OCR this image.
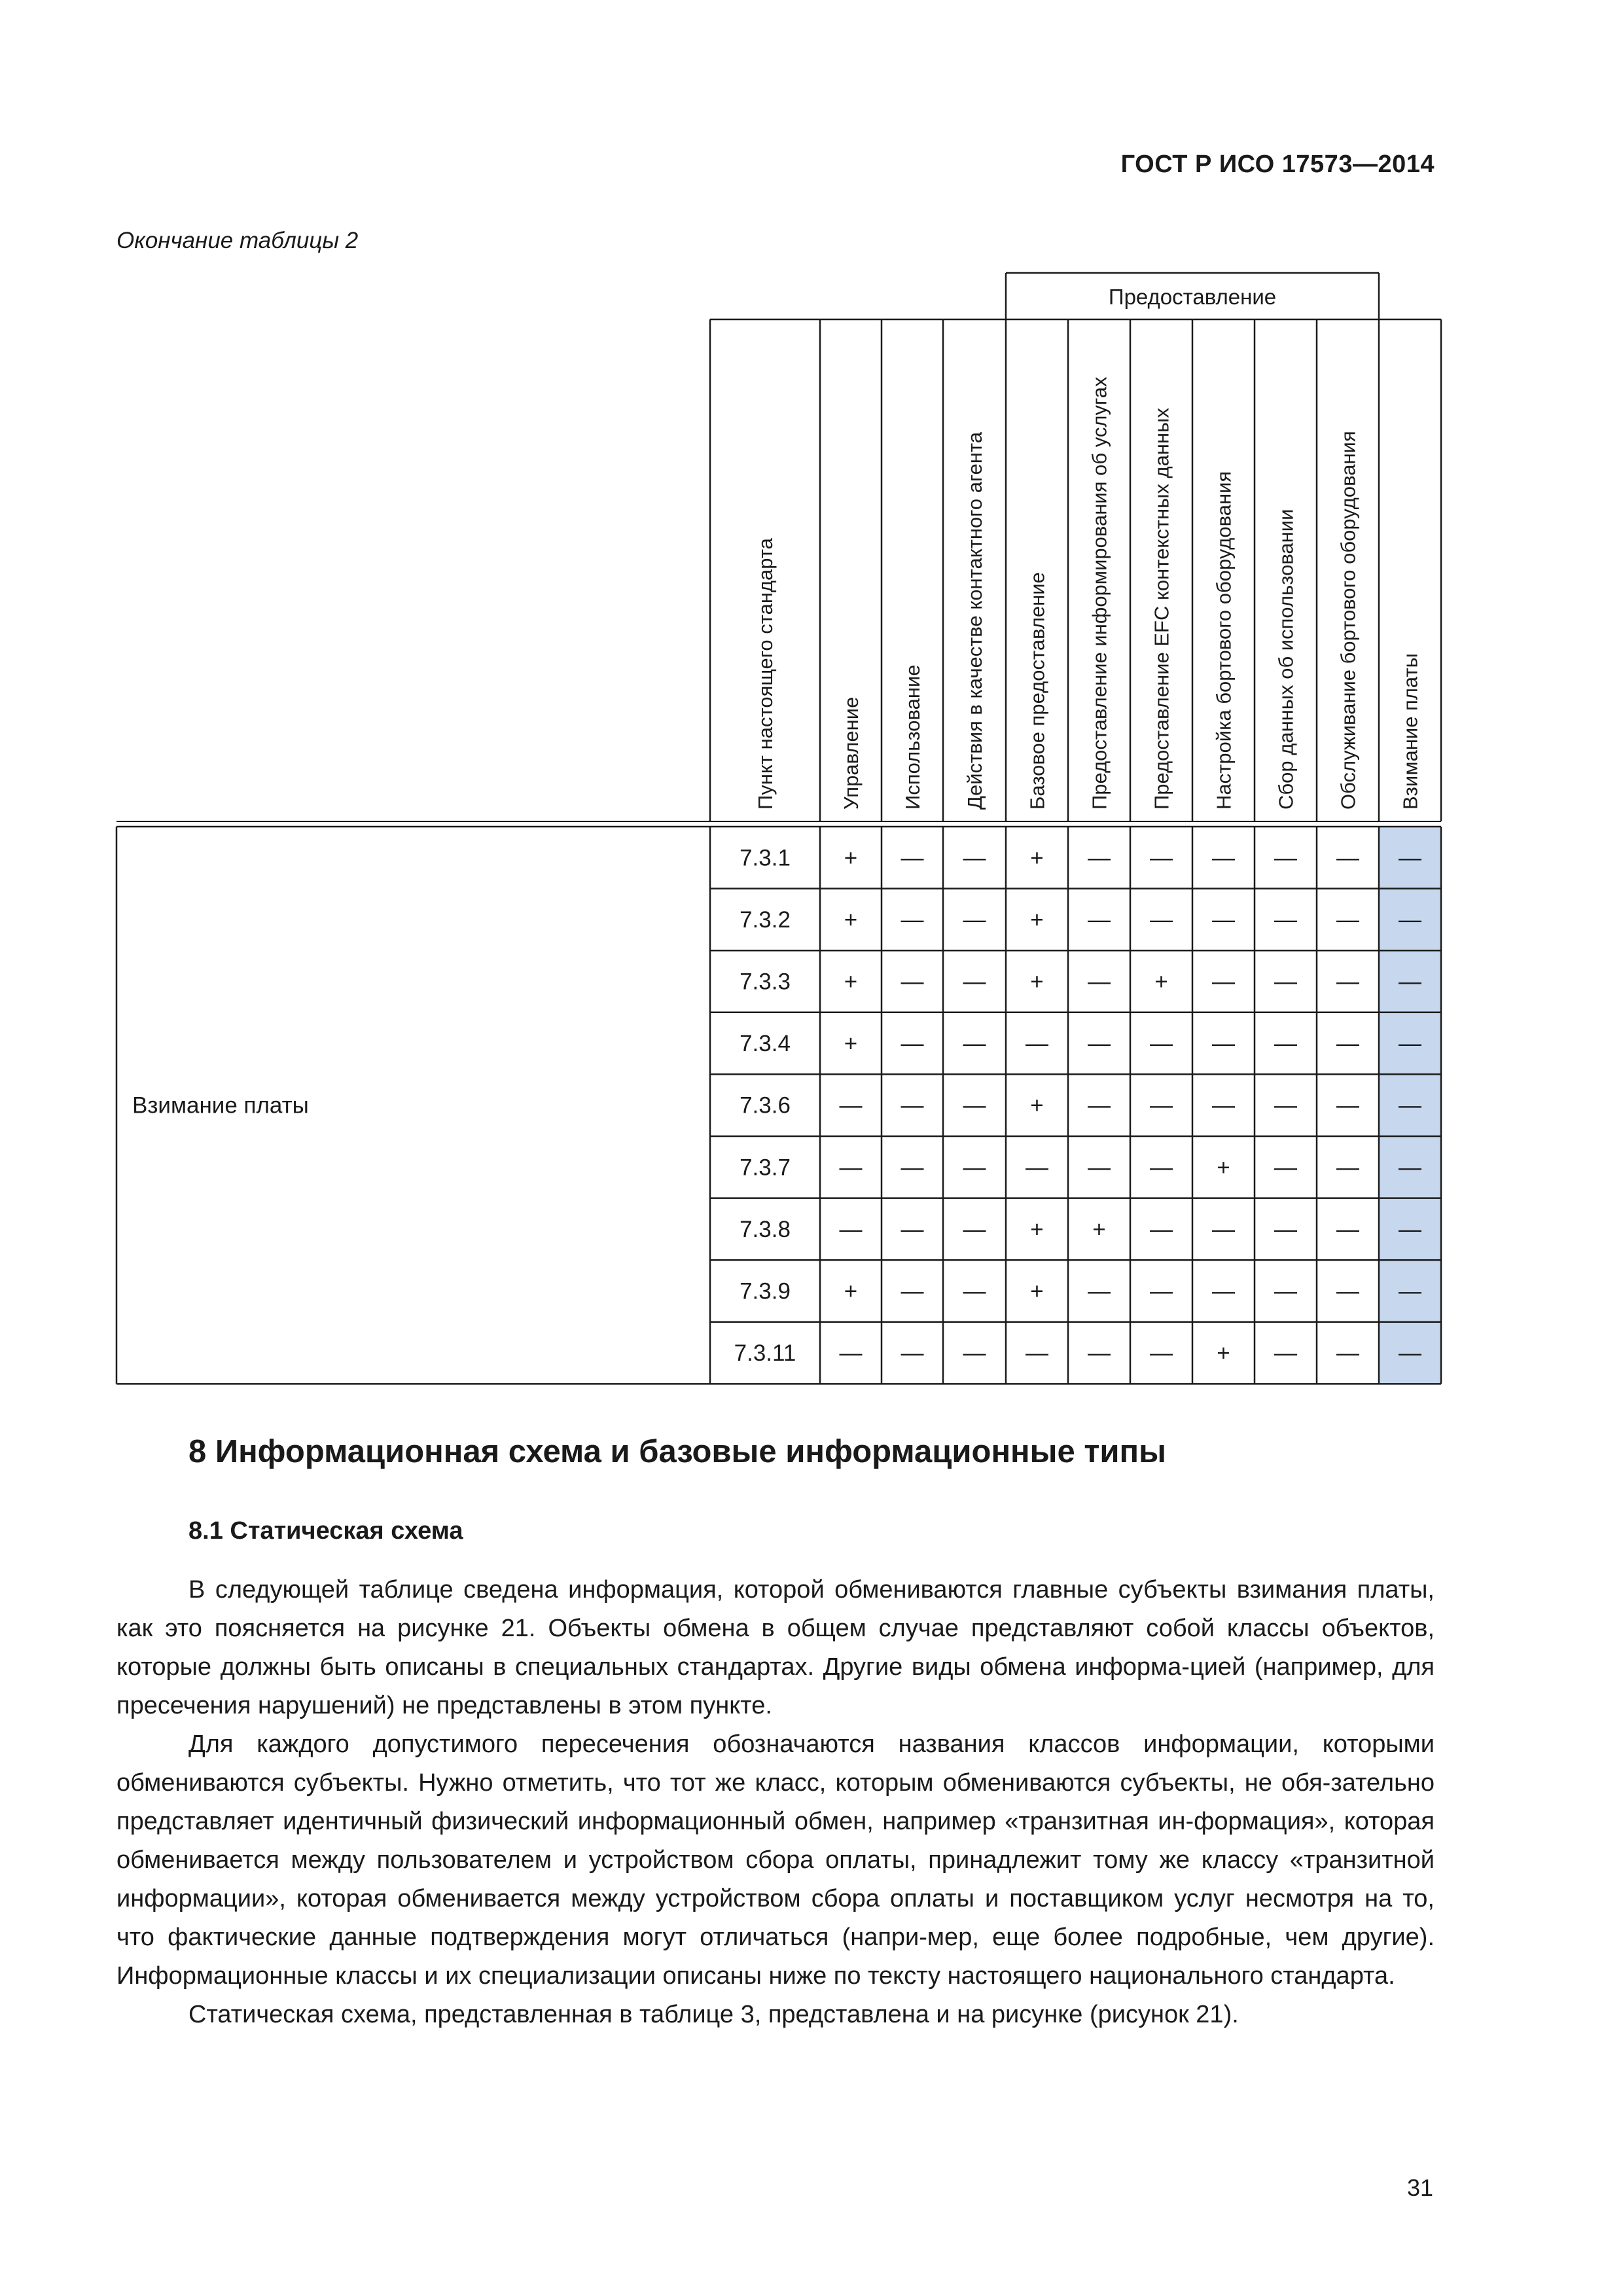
ГОСТ Р ИСО 17573—2014
Окончание таблицы 2
Предоставление
Пункт настоящего стандарта	Управление Использование Действия в качестве контактного агента Базовое предоставление Предоставление информирования об услугах Предоставление EFC контекстных данных Настройка бортового оборудования Сбор данных об использовании Обслуживание бортового оборудования Взимание платы
Взимание платы
7.3.1 + — — + — — — — — —
7.3.2 + — — + — — — — — —
7.3.3 + — — + — + — — — —
7.3.4 + — — — — — — — — —
7.3.6 — — — + — — — — — —
7.3.7 — — — — — — + — — —
7.3.8 — — — + + — — — — —
7.3.9 + — — + — — — — — —
7.3.11 — — — — — — + — — —
8 Информационная схема и базовые информационные типы
8.1 Статическая схема

В следующей таблице сведена информация, которой обмениваются главные субъекты взимания платы, как это поясняется на рисунке 21. Объекты обмена в общем случае представляют собой классы объектов, которые должны быть описаны в специальных стандартах. Другие виды обмена информа-цией (например, для пресечения нарушений) не представлены в этом пункте.

Для каждого допустимого пересечения обозначаются названия классов информации, которыми обмениваются субъекты. Нужно отметить, что тот же класс, которым обмениваются субъекты, не обя-зательно представляет идентичный физический информационный обмен, например «транзитная ин-формация», которая обменивается между пользователем и устройством сбора оплаты, принадлежит тому же классу «транзитной информации», которая обменивается между устройством сбора оплаты и поставщиком услуг несмотря на то, что фактические данные подтверждения могут отличаться (напри-мер, еще более подробные, чем другие). Информационные классы и их специализации описаны ниже по тексту настоящего национального стандарта.

Статическая схема, представленная в таблице 3, представлена и на рисунке (рисунок 21).

31
